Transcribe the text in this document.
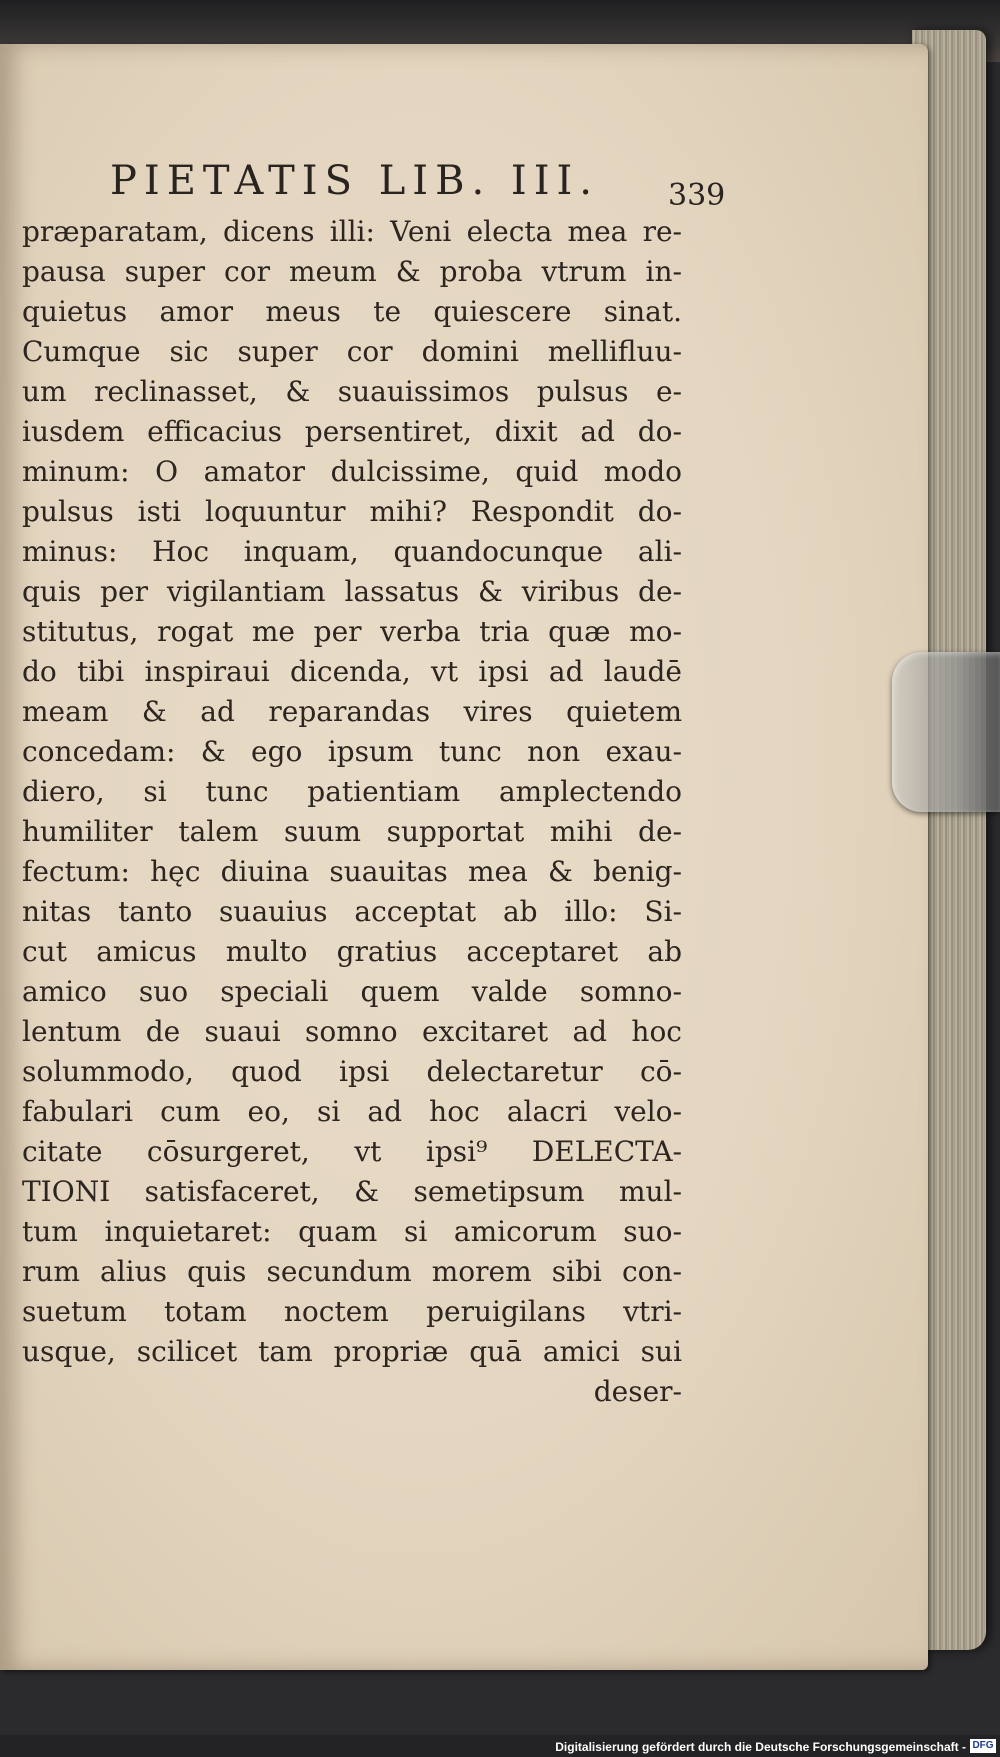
PIETATIS LIB. III. 339
præparatam, dicens illi: Veni electa mea re-
pausa super cor meum & proba vtrum in-
quietus amor meus te quiescere sinat.
Cumque sic super cor domini mellifluu-
um reclinasset, & suauissimos pulsus e-
iusdem efficacius persentiret, dixit ad do-
minum: O amator dulcissime, quid modo
pulsus isti loquuntur mihi? Respondit do-
minus: Hoc inquam, quandocunque ali-
quis per vigilantiam lassatus & viribus de-
stitutus, rogat me per verba tria quæ mo-
do tibi inspiraui dicenda, vt ipsi ad laudē
meam & ad reparandas vires quietem
concedam: & ego ipsum tunc non exau-
diero, si tunc patientiam amplectendo
humiliter talem suum supportat mihi de-
fectum: hęc diuina suauitas mea & benig-
nitas tanto suauius acceptat ab illo: Si-
cut amicus multo gratius acceptaret ab
amico suo speciali quem valde somno-
lentum de suaui somno excitaret ad hoc
solummodo, quod ipsi delectaretur cō-
fabulari cum eo, si ad hoc alacri velo-
citate cōsurgeret, vt ipsi⁹ DELECTA-
TIONI satisfaceret, & semetipsum mul-
tum inquietaret: quam si amicorum suo-
rum alius quis secundum morem sibi con-
suetum totam noctem peruigilans vtri-
usque, scilicet tam propriæ quā amici sui
deser-
Digitalisierung gefördert durch die Deutsche Forschungsgemeinschaft - DFG
